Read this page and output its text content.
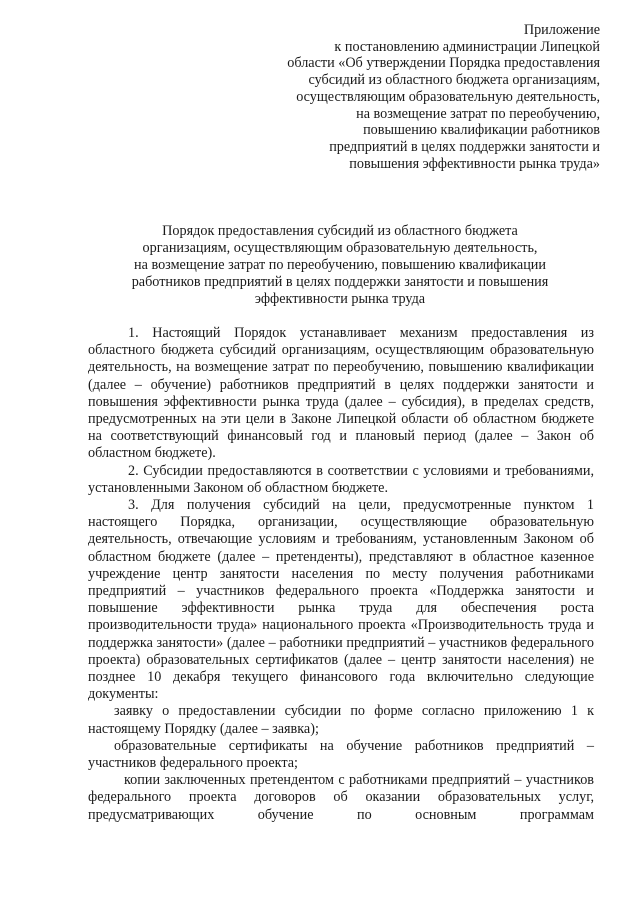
Приложение
к постановлению администрации Липецкой
области «Об утверждении Порядка предоставления
субсидий из областного бюджета организациям,
осуществляющим образовательную деятельность,
на возмещение затрат по переобучению,
повышению квалификации работников
предприятий в целях поддержки занятости и
повышения эффективности рынка труда»
Порядок предоставления субсидий из областного бюджета
организациям, осуществляющим образовательную деятельность,
на возмещение затрат по переобучению, повышению квалификации
работников предприятий в целях поддержки занятости и повышения
эффективности рынка труда

1. Настоящий Порядок устанавливает механизм предоставления из областного бюджета субсидий организациям, осуществляющим образовательную деятельность, на возмещение затрат по переобучению, повышению квалификации (далее – обучение) работников предприятий в целях поддержки занятости и повышения эффективности рынка труда (далее – субсидия), в пределах средств, предусмотренных на эти цели в Законе Липецкой области об областном бюджете на соответствующий финансовый год и плановый период (далее – Закон об областном бюджете).

2. Субсидии предоставляются в соответствии с условиями и требованиями, установленными Законом об областном бюджете.

3. Для получения субсидий на цели, предусмотренные пунктом 1 настоящего Порядка, организации, осуществляющие образовательную деятельность, отвечающие условиям и требованиям, установленным Законом об областном бюджете (далее – претенденты), представляют в областное казенное учреждение центр занятости населения по месту получения работниками предприятий – участников федерального проекта «Поддержка занятости и повышение эффективности рынка труда для обеспечения роста производительности труда» национального проекта «Производительность труда и поддержка занятости» (далее – работники предприятий – участников федерального проекта) образовательных сертификатов (далее – центр занятости населения) не позднее 10 декабря текущего финансового года включительно следующие документы:

заявку о предоставлении субсидии по форме согласно приложению 1 к настоящему Порядку (далее – заявка);

образовательные сертификаты на обучение работников предприятий – участников федерального проекта;

копии заключенных претендентом с работниками предприятий – участников федерального проекта договоров об оказании образовательных услуг, предусматривающих обучение по основным программам
